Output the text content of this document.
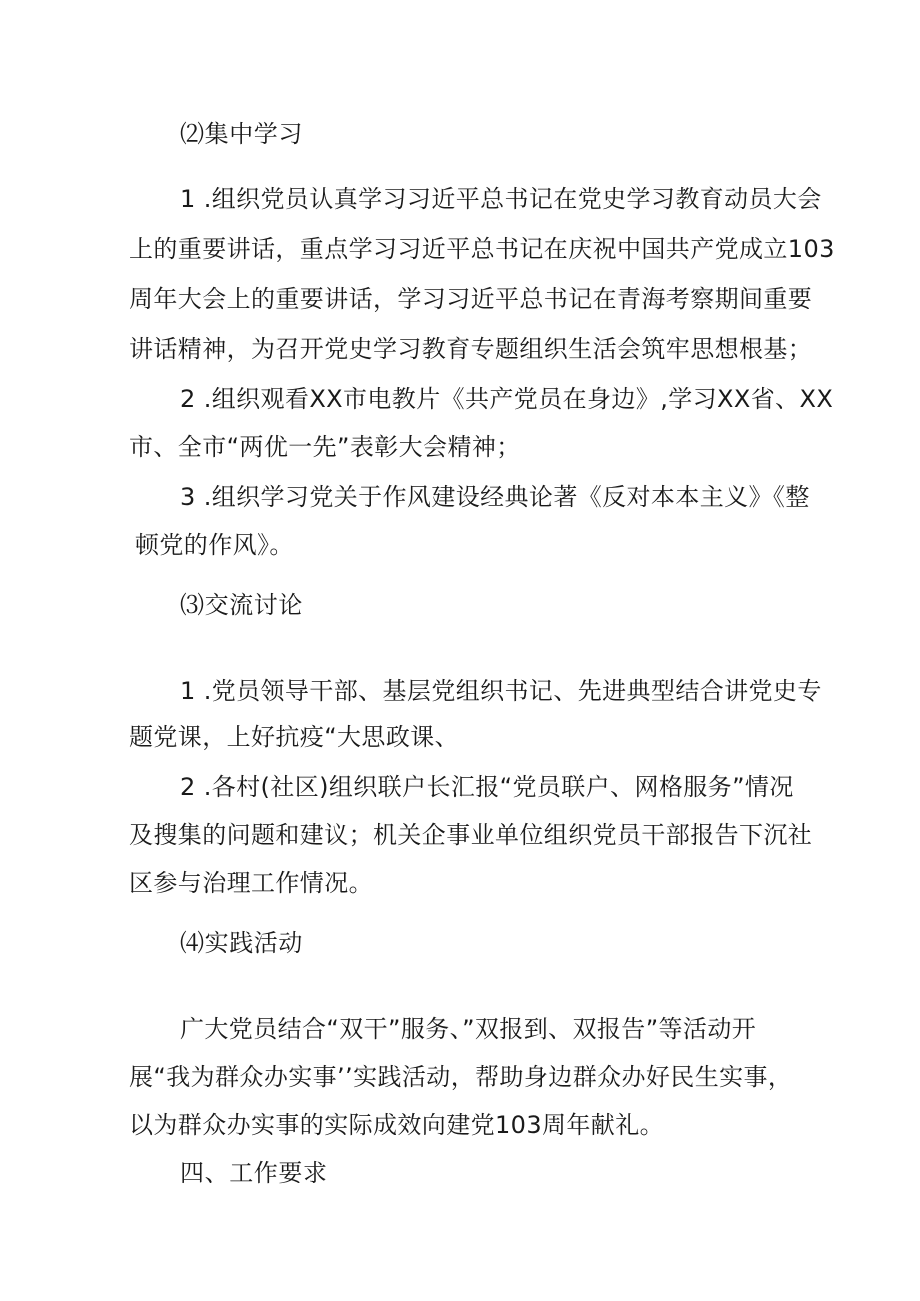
⑵集中学习
1 .组织党员认真学习习近平总书记在党史学习教育动员大会
上的重要讲话，重点学习习近平总书记在庆祝中国共产党成立103
周年大会上的重要讲话，学习习近平总书记在青海考察期间重要
讲话精神，为召开党史学习教育专题组织生活会筑牢思想根基；
2 .组织观看XX市电教片《共产党员在身边》,学习XX省、XX
市、全市“两优一先”表彰大会精神；
3 .组织学习党关于作风建设经典论著《反对本本主义》《整
顿党的作风》。
⑶交流讨论
1 .党员领导干部、基层党组织书记、先进典型结合讲党史专
题党课，上好抗疫“大思政课、
2 .各村(社区)组织联户长汇报“党员联户、网格服务”情况
及搜集的问题和建议；机关企事业单位组织党员干部报告下沉社
区参与治理工作情况。
⑷实践活动
广大党员结合“双干”服务、”双报到、双报告”等活动开
展“我为群众办实事’’实践活动，帮助身边群众办好民生实事，
以为群众办实事的实际成效向建党103周年献礼。
四、工作要求
